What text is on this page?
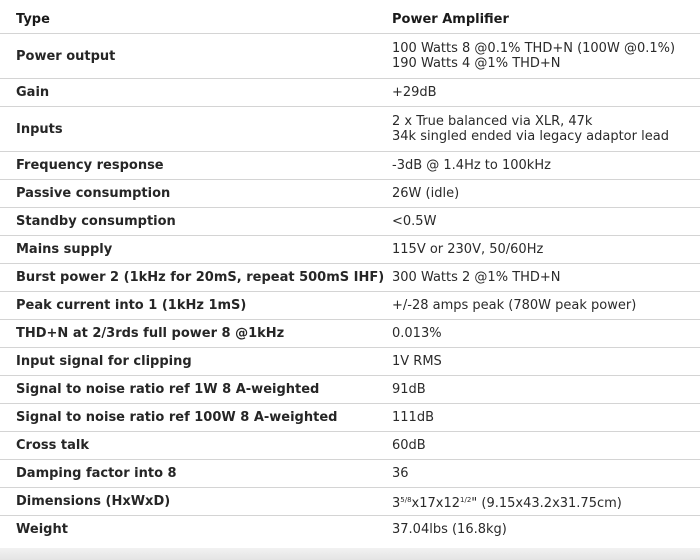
Type	Power Amplifier
Power output	100 Watts 8 @0.1% THD+N (100W @0.1%)
190 Watts 4 @1% THD+N

Gain	+29dB
Inputs	2 x True balanced via XLR, 47k
34k singled ended via legacy adaptor lead

Frequency response	-3dB @ 1.4Hz to 100kHz
Passive consumption	26W (idle)
Standby consumption	<0.5W
Mains supply	115V or 230V, 50/60Hz
Burst power 2 (1kHz for 20mS, repeat 500mS IHF)	300 Watts 2 @1% THD+N
Peak current into 1 (1kHz 1mS)	+/-28 amps peak (780W peak power)
THD+N at 2/3rds full power 8 @1kHz	0.013%
Input signal for clipping	1V RMS
Signal to noise ratio ref 1W 8 A-weighted	91dB
Signal to noise ratio ref 100W 8 A-weighted	111dB
Cross talk	60dB
Damping factor into 8	36
Dimensions (HxWxD)	$3^{5/8}x17x12^{1/2}$" (9.15x43.2x31.75cm)
Weight	37.04lbs (16.8kg)
